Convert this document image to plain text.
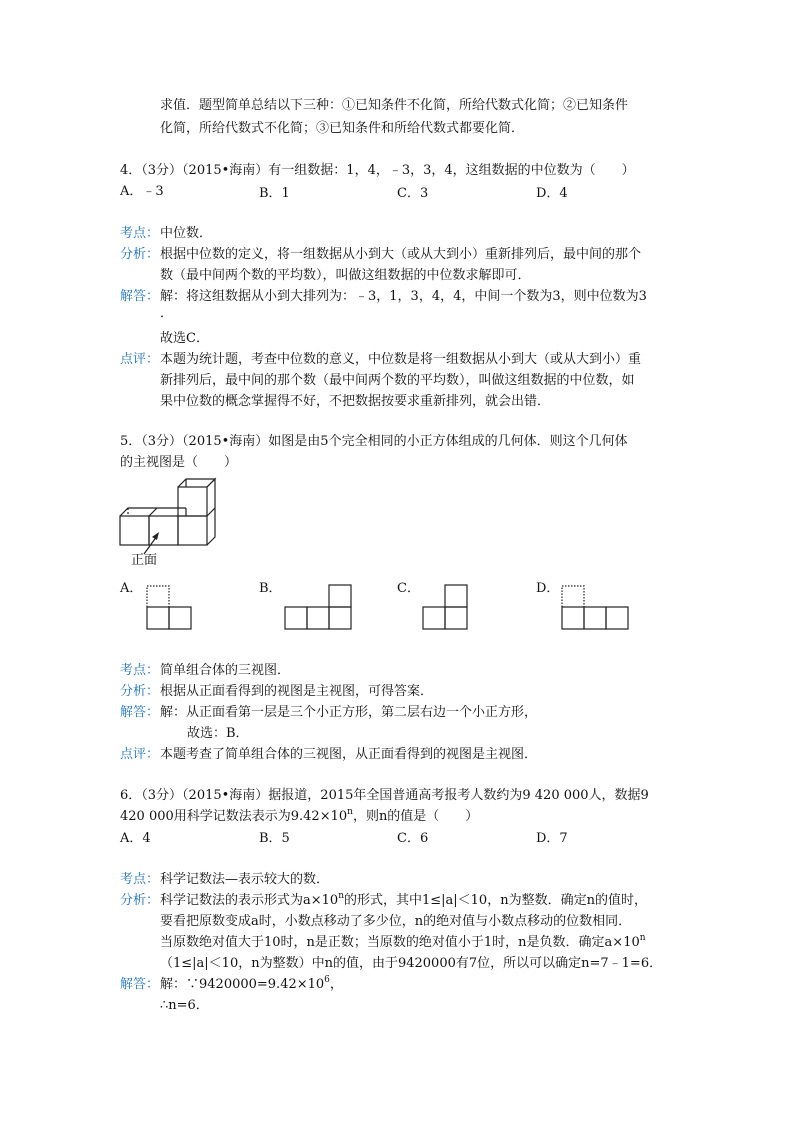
求值．题型简单总结以下三种：①已知条件不化简，所给代数式化简；②已知条件
化简，所给代数式不化简；③已知条件和所给代数式都要化简．
4．（3分）（2015•海南）有一组数据：1，4，﹣3，3，4，这组数据的中位数为（　　）
A．﹣3	B．1	C．3	D．4
考点： 中位数．
分析： 根据中位数的定义，将一组数据从小到大（或从大到小）重新排列后，最中间的那个
数（最中间两个数的平均数），叫做这组数据的中位数求解即可．
解答： 解：将这组数据从小到大排列为：﹣3，1，3，4，4，中间一个数为3，则中位数为3
．
故选C．
点评： 本题为统计题，考查中位数的意义，中位数是将一组数据从小到大（或从大到小）重
新排列后，最中间的那个数（最中间两个数的平均数），叫做这组数据的中位数，如
果中位数的概念掌握得不好，不把数据按要求重新排列，就会出错．
5．（3分）（2015•海南）如图是由5个完全相同的小正方体组成的几何体．则这个几何体
的主视图是（　　）
正面
A．	B．	C．	D．
考点： 简单组合体的三视图．
分析： 根据从正面看得到的视图是主视图，可得答案．
解答： 解：从正面看第一层是三个小正方形，第二层右边一个小正方形，
故选：B．
点评： 本题考查了简单组合体的三视图，从正面看得到的视图是主视图．
6．（3分）（2015•海南）据报道，2015年全国普通高考报考人数约为9 420 000人，数据9
420 000用科学记数法表示为$9.42\times 10^n$，则n的值是（　　）
A．4	B．5	C．6	D．7
考点： 科学记数法—表示较大的数．
分析： 科学记数法的表示形式为$a\times 10^n$的形式，其中1≤|a|＜10，n为整数．确定n的值时，
要看把原数变成a时，小数点移动了多少位，n的绝对值与小数点移动的位数相同．
当原数绝对值大于10时，n是正数；当原数的绝对值小于1时，n是负数．确定$a\times 10^n$
（1≤|a|＜10，n为整数）中n的值，由于9420000有7位，所以可以确定n=7﹣1=6．
解答： 解：$\because 9420000=9.42\times 10^6$，
∴n=6．
